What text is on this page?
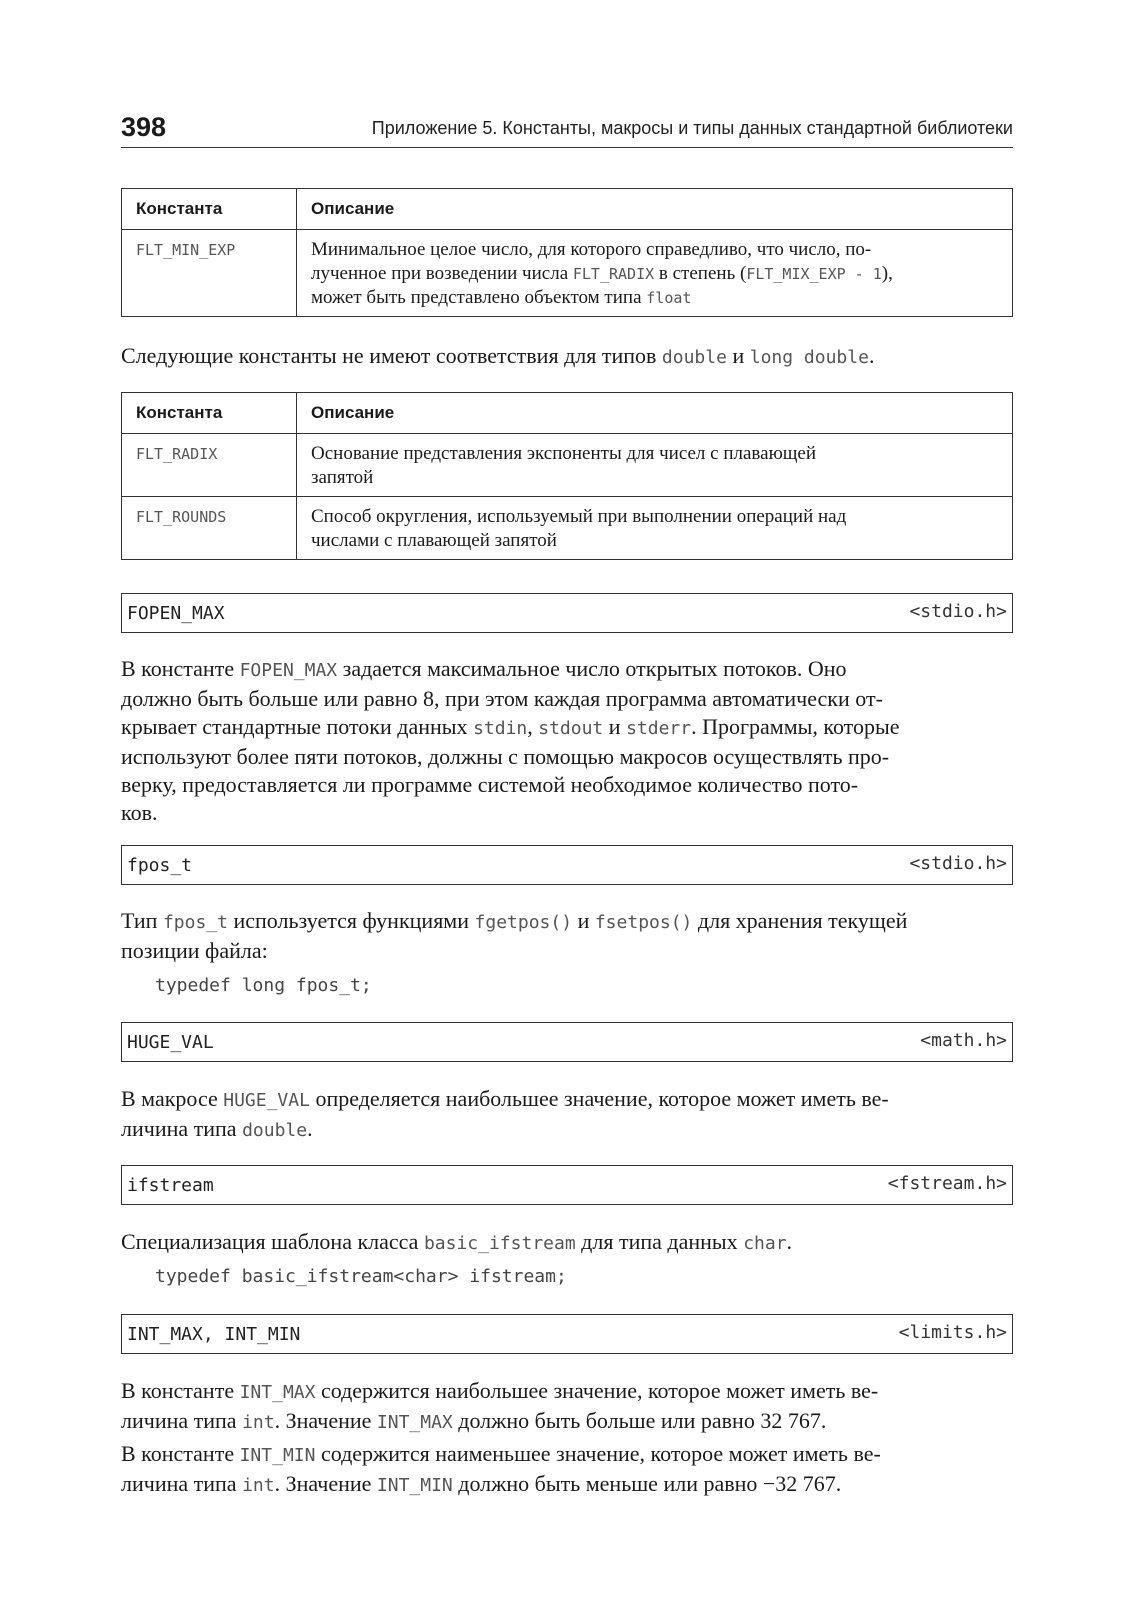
398	Приложение 5. Константы, макросы и типы данных стандартной библиотеки
Константа	Описание
FLT_MIN_EXP	Минимальное целое число, для которого справедливо, что число, по-
лученное при возведении числа FLT_RADIX в степень (FLT_MIX_EXP - 1),
может быть представлено объектом типа float
Следующие константы не имеют соответствия для типов double и long double.
Константа	Описание
FLT_RADIX	Основание представления экспоненты для чисел с плавающей
запятой

FLT_ROUNDS	Способ округления, используемый при выполнении операций над
числами с плавающей запятой
FOPEN_MAX	<stdio.h>
В константе FOPEN_MAX задается максимальное число открытых потоков. Оно
должно быть больше или равно 8, при этом каждая программа автоматически от-
крывает стандартные потоки данных stdin, stdout и stderr. Программы, которые
используют более пяти потоков, должны с помощью макросов осуществлять про-
верку, предоставляется ли программе системой необходимое количество пото-
ков.
fpos_t	<stdio.h>
Тип fpos_t используется функциями fgetpos() и fsetpos() для хранения текущей
позиции файла:
typedef long fpos_t;
HUGE_VAL	<math.h>
В макросе HUGE_VAL определяется наибольшее значение, которое может иметь ве-
личина типа double.
ifstream	<fstream.h>
Специализация шаблона класса basic_ifstream для типа данных char.
typedef basic_ifstream<char> ifstream;
INT_MAX, INT_MIN	<limits.h>
В константе INT_MAX содержится наибольшее значение, которое может иметь ве-
личина типа int. Значение INT_MAX должно быть больше или равно 32 767.
В константе INT_MIN содержится наименьшее значение, которое может иметь ве-
личина типа int. Значение INT_MIN должно быть меньше или равно −32 767.
